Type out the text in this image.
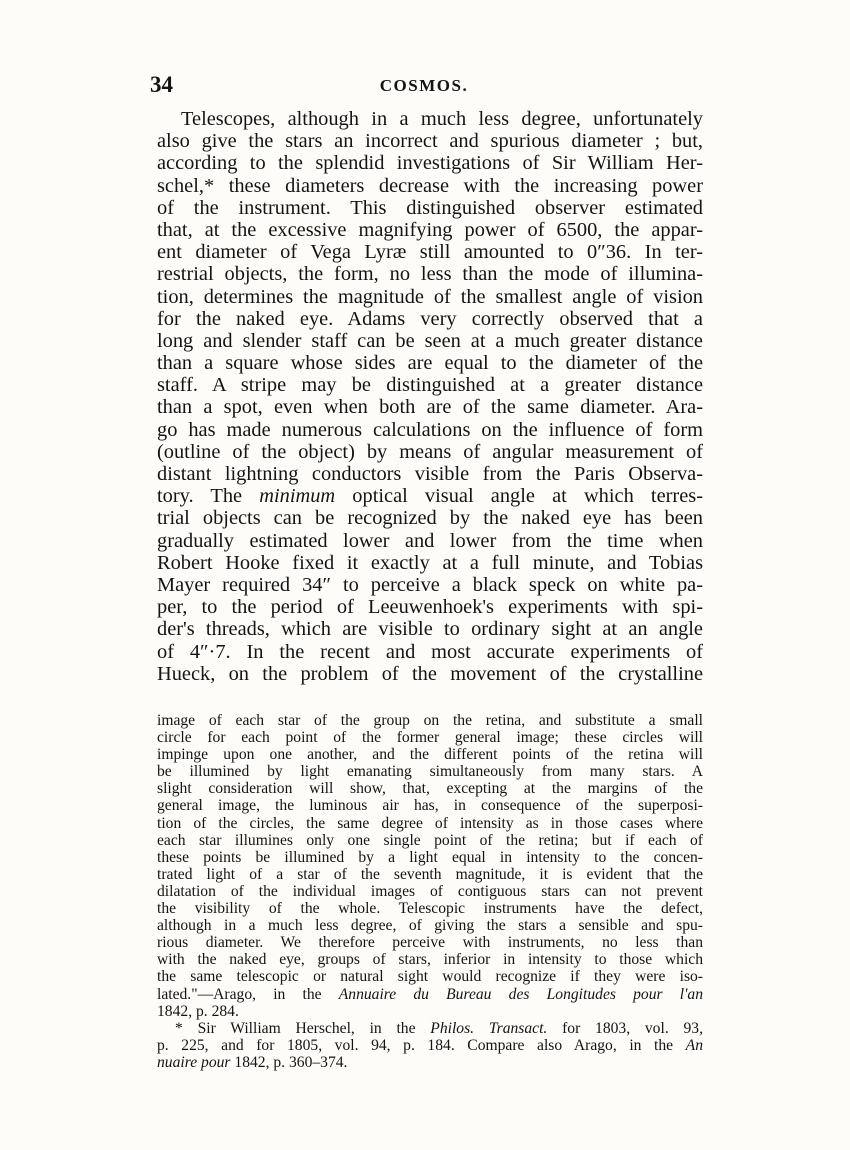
34	COSMOS.
Telescopes, although in a much less degree, unfortunately
also give the stars an incorrect and spurious diameter ; but,
according to the splendid investigations of Sir William Her-
schel,* these diameters decrease with the increasing power
of the instrument. This distinguished observer estimated
that, at the excessive magnifying power of 6500, the appar-
ent diameter of Vega Lyræ still amounted to 0″36. In ter-
restrial objects, the form, no less than the mode of illumina-
tion, determines the magnitude of the smallest angle of vision
for the naked eye. Adams very correctly observed that a
long and slender staff can be seen at a much greater distance
than a square whose sides are equal to the diameter of the
staff. A stripe may be distinguished at a greater distance
than a spot, even when both are of the same diameter. Ara-
go has made numerous calculations on the influence of form
(outline of the object) by means of angular measurement of
distant lightning conductors visible from the Paris Observa-
tory. The minimum optical visual angle at which terres-
trial objects can be recognized by the naked eye has been
gradually estimated lower and lower from the time when
Robert Hooke fixed it exactly at a full minute, and Tobias
Mayer required 34″ to perceive a black speck on white pa-
per, to the period of Leeuwenhoek's experiments with spi-
der's threads, which are visible to ordinary sight at an angle
of 4″·7. In the recent and most accurate experiments of
Hueck, on the problem of the movement of the crystalline
image of each star of the group on the retina, and substitute a small
circle for each point of the former general image; these circles will
impinge upon one another, and the different points of the retina will
be illumined by light emanating simultaneously from many stars. A
slight consideration will show, that, excepting at the margins of the
general image, the luminous air has, in consequence of the superposi-
tion of the circles, the same degree of intensity as in those cases where
each star illumines only one single point of the retina; but if each of
these points be illumined by a light equal in intensity to the concen-
trated light of a star of the seventh magnitude, it is evident that the
dilatation of the individual images of contiguous stars can not prevent
the visibility of the whole. Telescopic instruments have the defect,
although in a much less degree, of giving the stars a sensible and spu-
rious diameter. We therefore perceive with instruments, no less than
with the naked eye, groups of stars, inferior in intensity to those which
the same telescopic or natural sight would recognize if they were iso-
lated."—Arago, in the Annuaire du Bureau des Longitudes pour l'an
1842, p. 284.
* Sir William Herschel, in the Philos. Transact. for 1803, vol. 93,
p. 225, and for 1805, vol. 94, p. 184. Compare also Arago, in the An
nuaire pour 1842, p. 360–374.
